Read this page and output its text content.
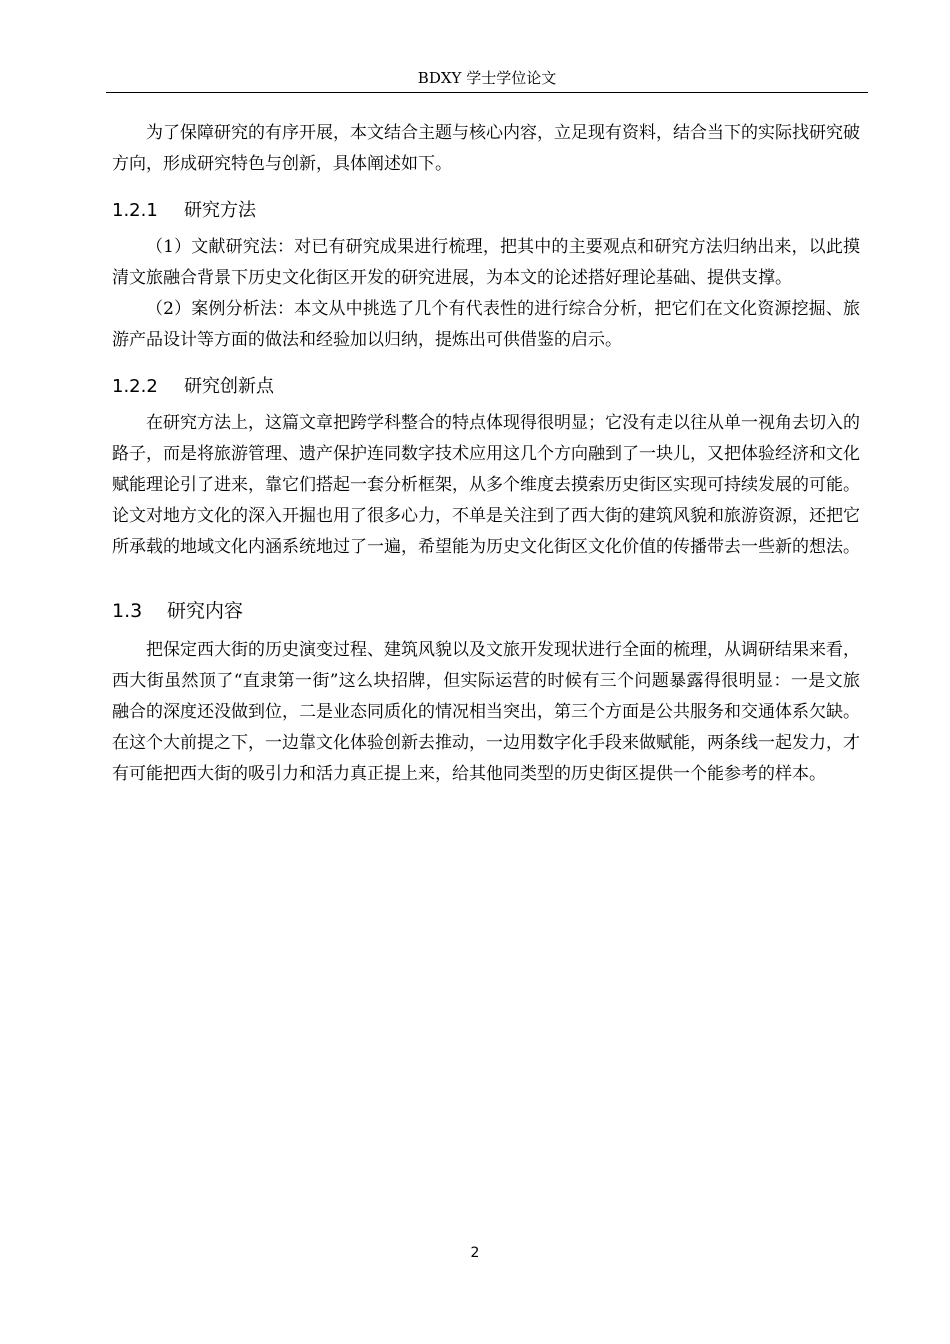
BDXY 学士学位论文

为了保障研究的有序开展，本文结合主题与核心内容，立足现有资料，结合当下的实际找研究破方向，形成研究特色与创新，具体阐述如下。

1.2.1 研究方法

（1）文献研究法：对已有研究成果进行梳理，把其中的主要观点和研究方法归纳出来，以此摸清文旅融合背景下历史文化街区开发的研究进展，为本文的论述搭好理论基础、提供支撑。

（2）案例分析法：本文从中挑选了几个有代表性的进行综合分析，把它们在文化资源挖掘、旅游产品设计等方面的做法和经验加以归纳，提炼出可供借鉴的启示。

1.2.2 研究创新点

在研究方法上，这篇文章把跨学科整合的特点体现得很明显；它没有走以往从单一视角去切入的路子，而是将旅游管理、遗产保护连同数字技术应用这几个方向融到了一块儿，又把体验经济和文化赋能理论引了进来，靠它们搭起一套分析框架，从多个维度去摸索历史街区实现可持续发展的可能。论文对地方文化的深入开掘也用了很多心力，不单是关注到了西大街的建筑风貌和旅游资源，还把它所承载的地域文化内涵系统地过了一遍，希望能为历史文化街区文化价值的传播带去一些新的想法。

1.3 研究内容

把保定西大街的历史演变过程、建筑风貌以及文旅开发现状进行全面的梳理，从调研结果来看，西大街虽然顶了“直隶第一街”这么块招牌，但实际运营的时候有三个问题暴露得很明显：一是文旅融合的深度还没做到位，二是业态同质化的情况相当突出，第三个方面是公共服务和交通体系欠缺。在这个大前提之下，一边靠文化体验创新去推动，一边用数字化手段来做赋能，两条线一起发力，才有可能把西大街的吸引力和活力真正提上来，给其他同类型的历史街区提供一个能参考的样本。

2
